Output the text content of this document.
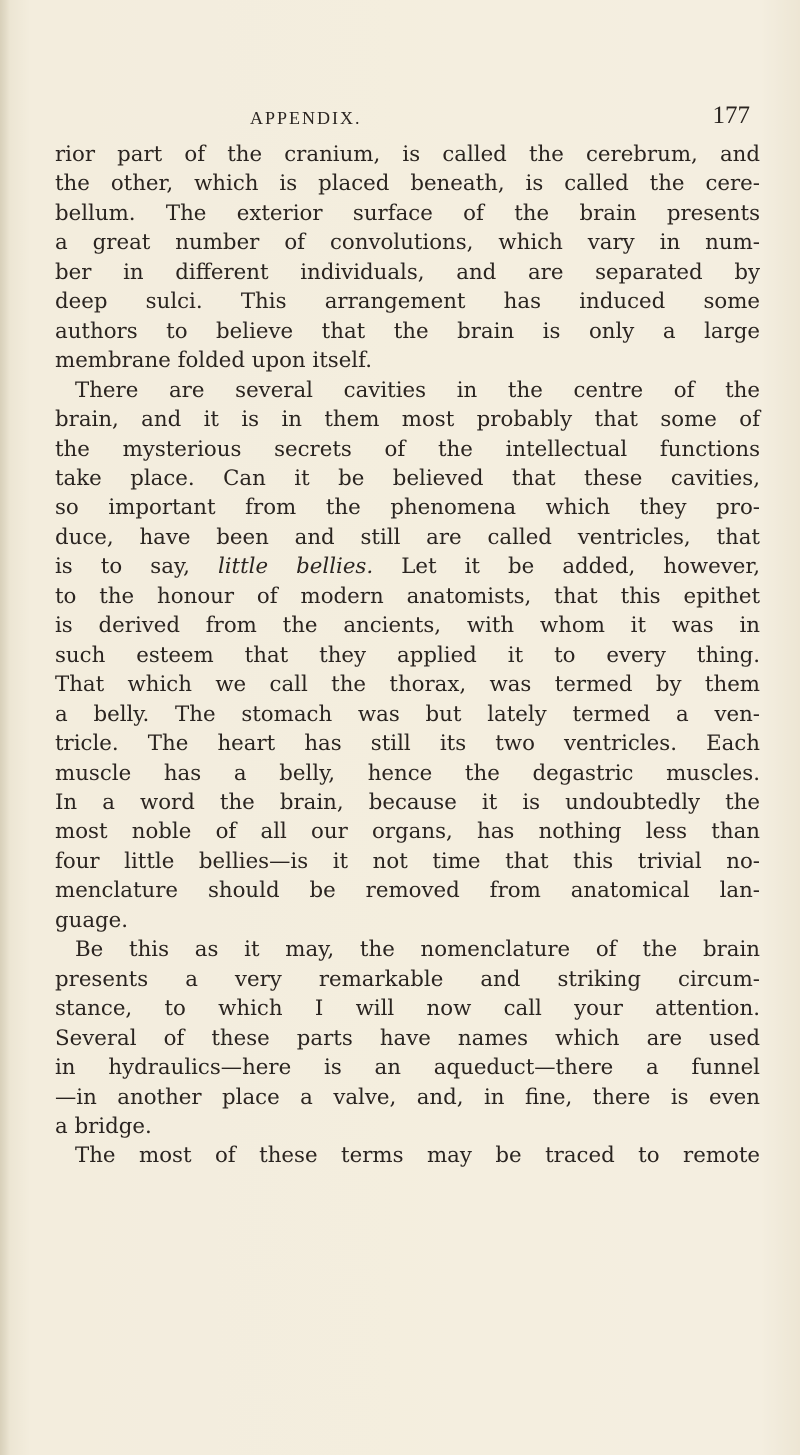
APPENDIX.	177
rior part of the cranium, is called the cerebrum, and
the other, which is placed beneath, is called the cere-
bellum. The exterior surface of the brain presents
a great number of convolutions, which vary in num-
ber in different individuals, and are separated by
deep sulci. This arrangement has induced some
authors to believe that the brain is only a large
membrane folded upon itself.
There are several cavities in the centre of the
brain, and it is in them most probably that some of
the mysterious secrets of the intellectual functions
take place. Can it be believed that these cavities,
so important from the phenomena which they pro-
duce, have been and still are called ventricles, that
is to say, little bellies. Let it be added, however,
to the honour of modern anatomists, that this epithet
is derived from the ancients, with whom it was in
such esteem that they applied it to every thing.
That which we call the thorax, was termed by them
a belly. The stomach was but lately termed a ven-
tricle. The heart has still its two ventricles. Each
muscle has a belly, hence the degastric muscles.
In a word the brain, because it is undoubtedly the
most noble of all our organs, has nothing less than
four little bellies—is it not time that this trivial no-
menclature should be removed from anatomical lan-
guage.
Be this as it may, the nomenclature of the brain
presents a very remarkable and striking circum-
stance, to which I will now call your attention.
Several of these parts have names which are used
in hydraulics—here is an aqueduct—there a funnel
—in another place a valve, and, in fine, there is even
a bridge.
The most of these terms may be traced to remote
